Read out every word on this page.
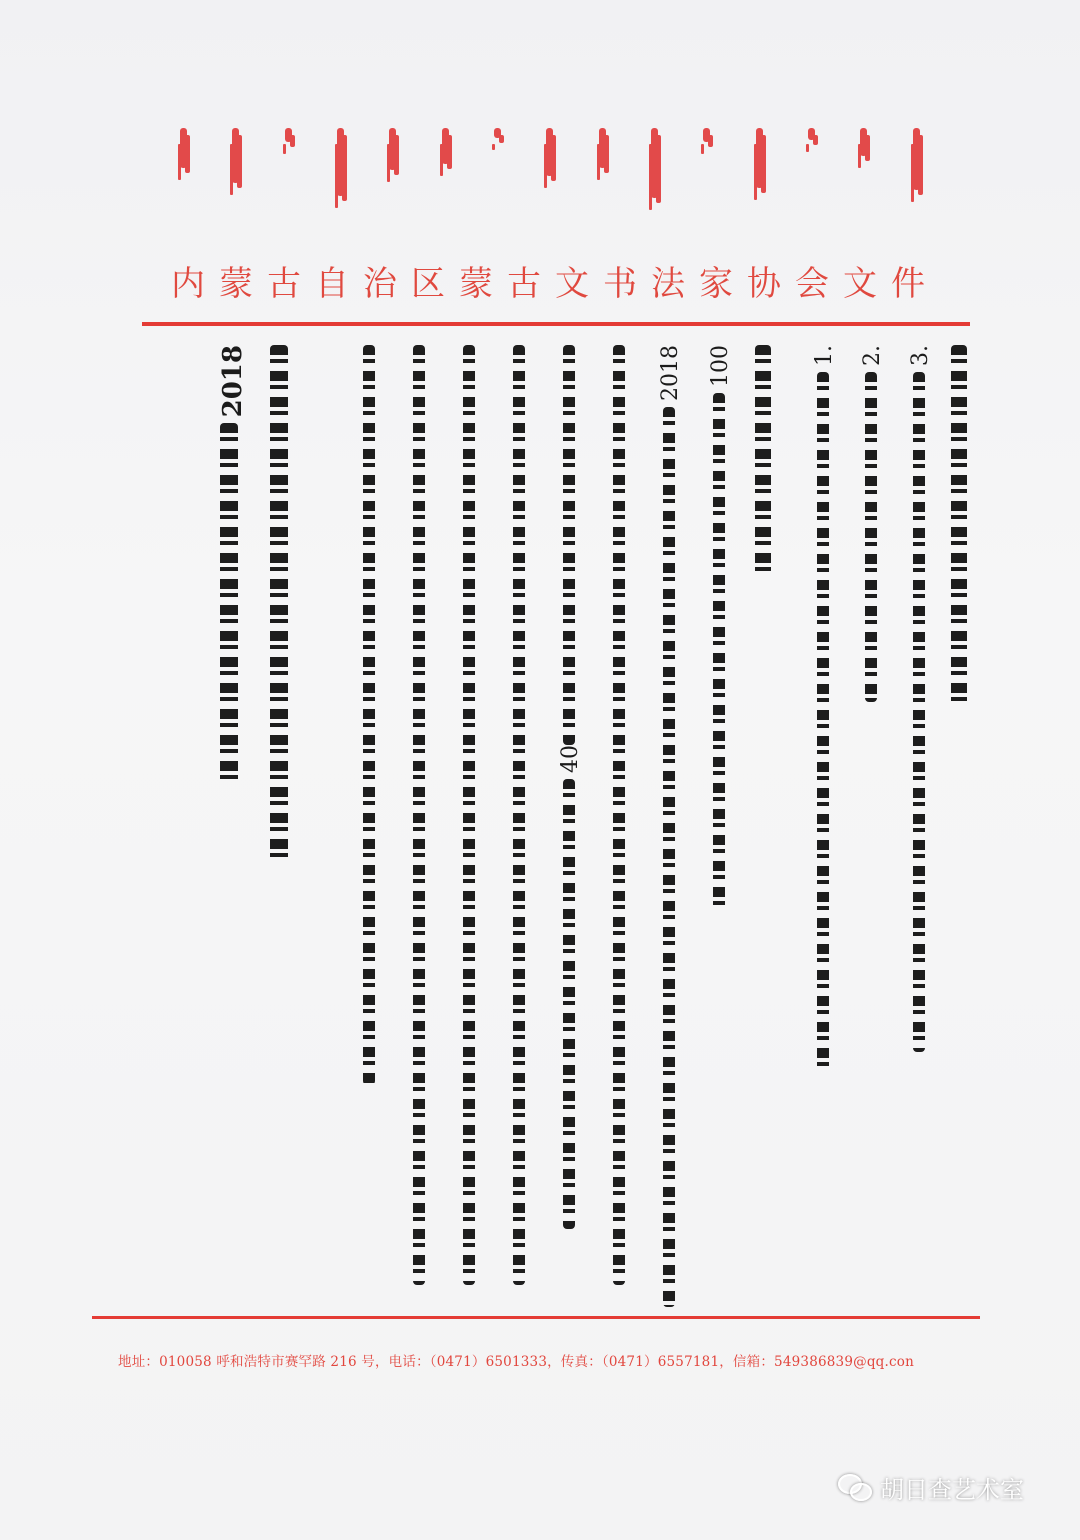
内蒙古自治区蒙古文书法家协会文件
3.
2.
1.
100
2018
40
2018
地址：010058 呼和浩特市赛罕路 216 号，电话：（0471）6501333，传真：（0471）6557181，信箱：549386839@qq.con
胡日查艺术室
